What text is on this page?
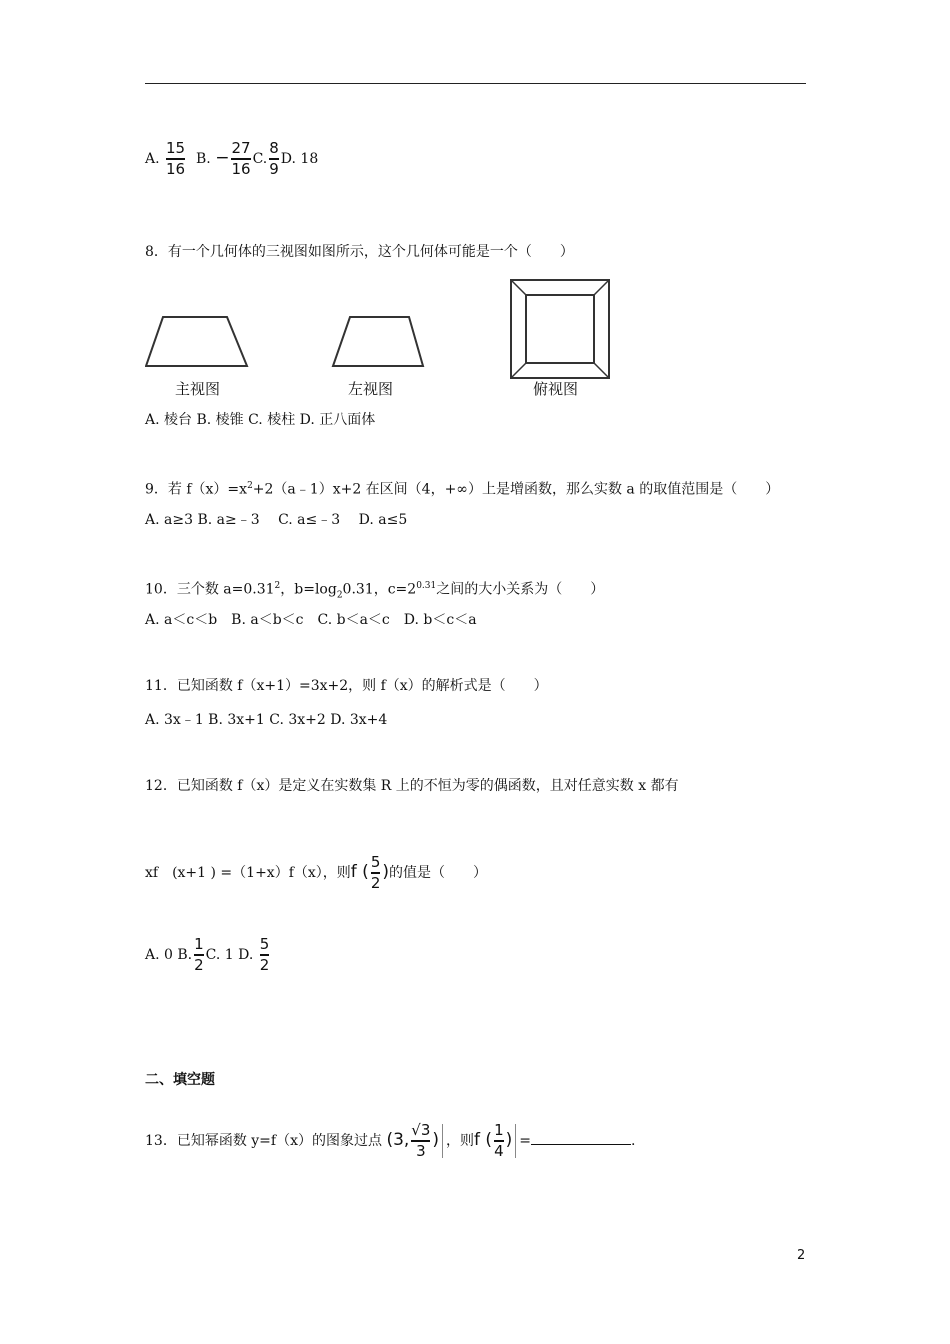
A. $\frac{15}{16} B$. − $\frac{27}{16} C$. $\frac{8}{9} D$. 18
8．有一个几何体的三视图如图所示，这个几何体可能是一个（　　）
主视图	左视图	俯视图
A. 棱台 B. 棱锥 C. 棱柱 D. 正八面体
9．若 $f(x)=x^2+2(a﹣1)x+2$ 在区间（4，+∞）上是增函数，那么实数 a 的取值范围是（　　）
A. a≥3 B. a≥﹣3　 C. a≤﹣3　 D. a≤5
10．三个数 $a=0.31^2$，$b=\log_20.31$，$c=2^{0.31}$之间的大小关系为（　　）
A. a＜c＜b　B. a＜b＜c　C. b＜a＜c　D. b＜c＜a
11．已知函数 f（x+1）=3x+2，则 f（x）的解析式是（　　）
A. 3x﹣1 B. 3x+1 C. 3x+2 D. 3x+4
12．已知函数 f（x）是定义在实数集 R 上的不恒为零的偶函数，且对任意实数 x 都有
xf　(x+1 ) =（1+x）f（x），则f ( $\frac{5}{2}$ )的值是（　　）
A. 0 B. $\frac{1}{2} C$. 1 D. $\frac{5}{2}$
二、填空题
13．已知幂函数 y=f（x）的图象过点 (3, $\frac{√3}{3}$ ) ，则f ( $\frac{1}{4}$ ) =	.
2
